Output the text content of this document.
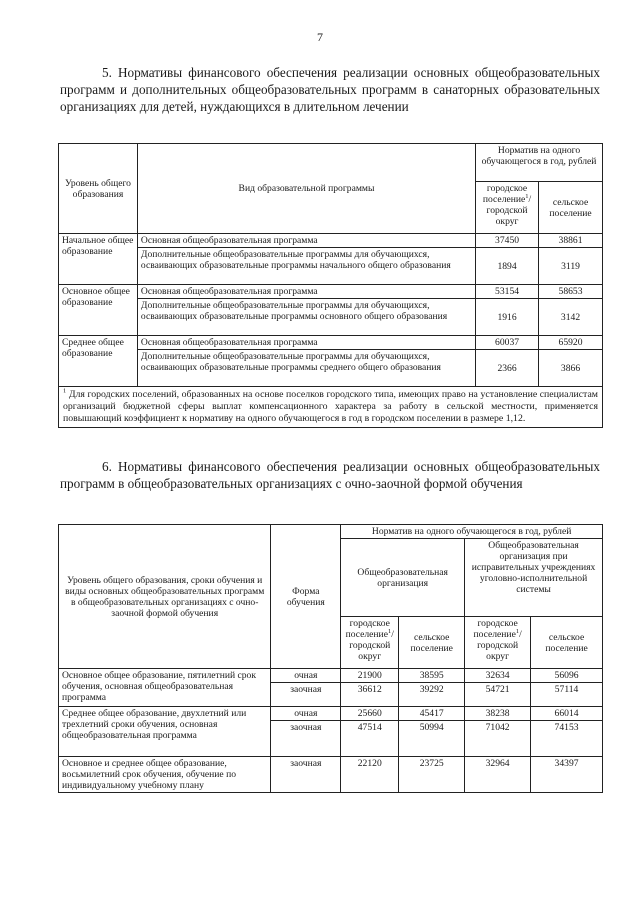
7
5. Нормативы финансового обеспечения реализации основных общеобразовательных программ и дополнительных общеобразовательных программ в санаторных образовательных организациях для детей, нуждающихся в длительном лечении
Уровень общего образования	Вид образовательной программы	Норматив на одного обучающегося в год, рублей	
		городское поселение$^1$/ городской округ	сельское поселение
Начальное общее образование	Основная общеобразовательная программа	37450	38861
	Дополнительные общеобразовательные программы для обучающихся, осваивающих образовательные программы начального общего образования	1894	3119
Основное общее образование	Основная общеобразовательная программа	53154	58653
	Дополнительные общеобразовательные программы для обучающихся, осваивающих образовательные программы основного общего образования	1916	3142
Среднее общее образование	Основная общеобразовательная программа	60037	65920
	Дополнительные общеобразовательные программы для обучающихся, осваивающих образовательные программы среднего общего образования	2366	3866
$^1$ Для городских поселений, образованных на основе поселков городского типа, имеющих право на установление специалистам организаций бюджетной сферы выплат компенсационного характера за работу в сельской местности, применяется повышающий коэффициент к нормативу на одного обучающегося в год в городском поселении в размере 1,12.			
6. Нормативы финансового обеспечения реализации основных общеобразовательных программ в общеобразовательных организациях с очно-заочной формой обучения
Уровень общего образования, сроки обучения и виды основных общеобразовательных программ в общеобразовательных организациях с очно-заочной формой обучения	Форма обучения	Норматив на одного обучающегося в год, рублей			
		Общеобразовательная организация		Общеобразовательная организация при исправительных учреждениях уголовно-исполнительной системы	
		городское поселение$^1$/ городской округ	сельское поселение	городское поселение$^1$/ городской округ	сельское поселение
Основное общее образование, пятилетний срок обучения, основная общеобразовательная программа	очная	21900	38595	32634	56096
	заочная	36612	39292	54721	57114
Среднее общее образование, двухлетний или трехлетний сроки обучения, основная общеобразовательная программа	очная	25660	45417	38238	66014
	заочная	47514	50994	71042	74153
Основное и среднее общее образование, восьмилетний срок обучения, обучение по индивидуальному учебному плану	заочная	22120	23725	32964	34397
